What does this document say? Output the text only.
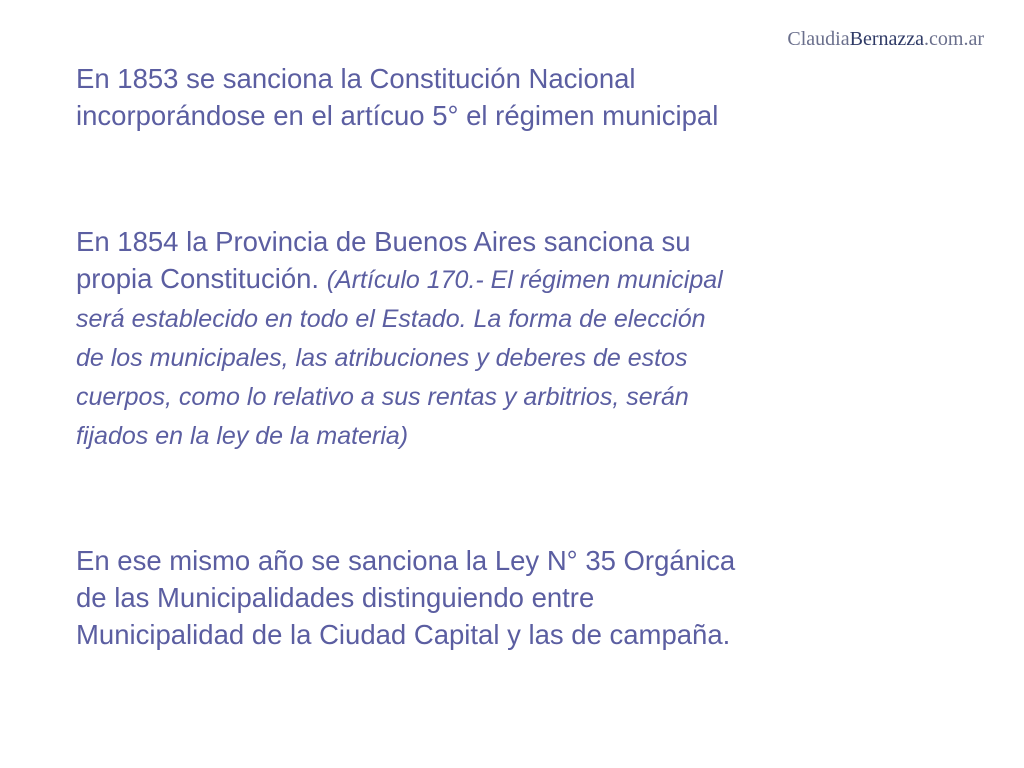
ClaudiaBernazza.com.ar

En 1853 se sanciona la Constitución Nacional
incorporándose en el artícuo 5° el régimen municipal

En 1854 la Provincia de Buenos Aires sanciona su
propia Constitución. (Artículo 170.- El régimen municipal
será establecido en todo el Estado. La forma de elección
de los municipales, las atribuciones y deberes de estos
cuerpos, como lo relativo a sus rentas y arbitrios, serán
fijados en la ley de la materia)

En ese mismo año se sanciona la Ley N° 35 Orgánica
de las Municipalidades distinguiendo entre
Municipalidad de la Ciudad Capital y las de campaña.
